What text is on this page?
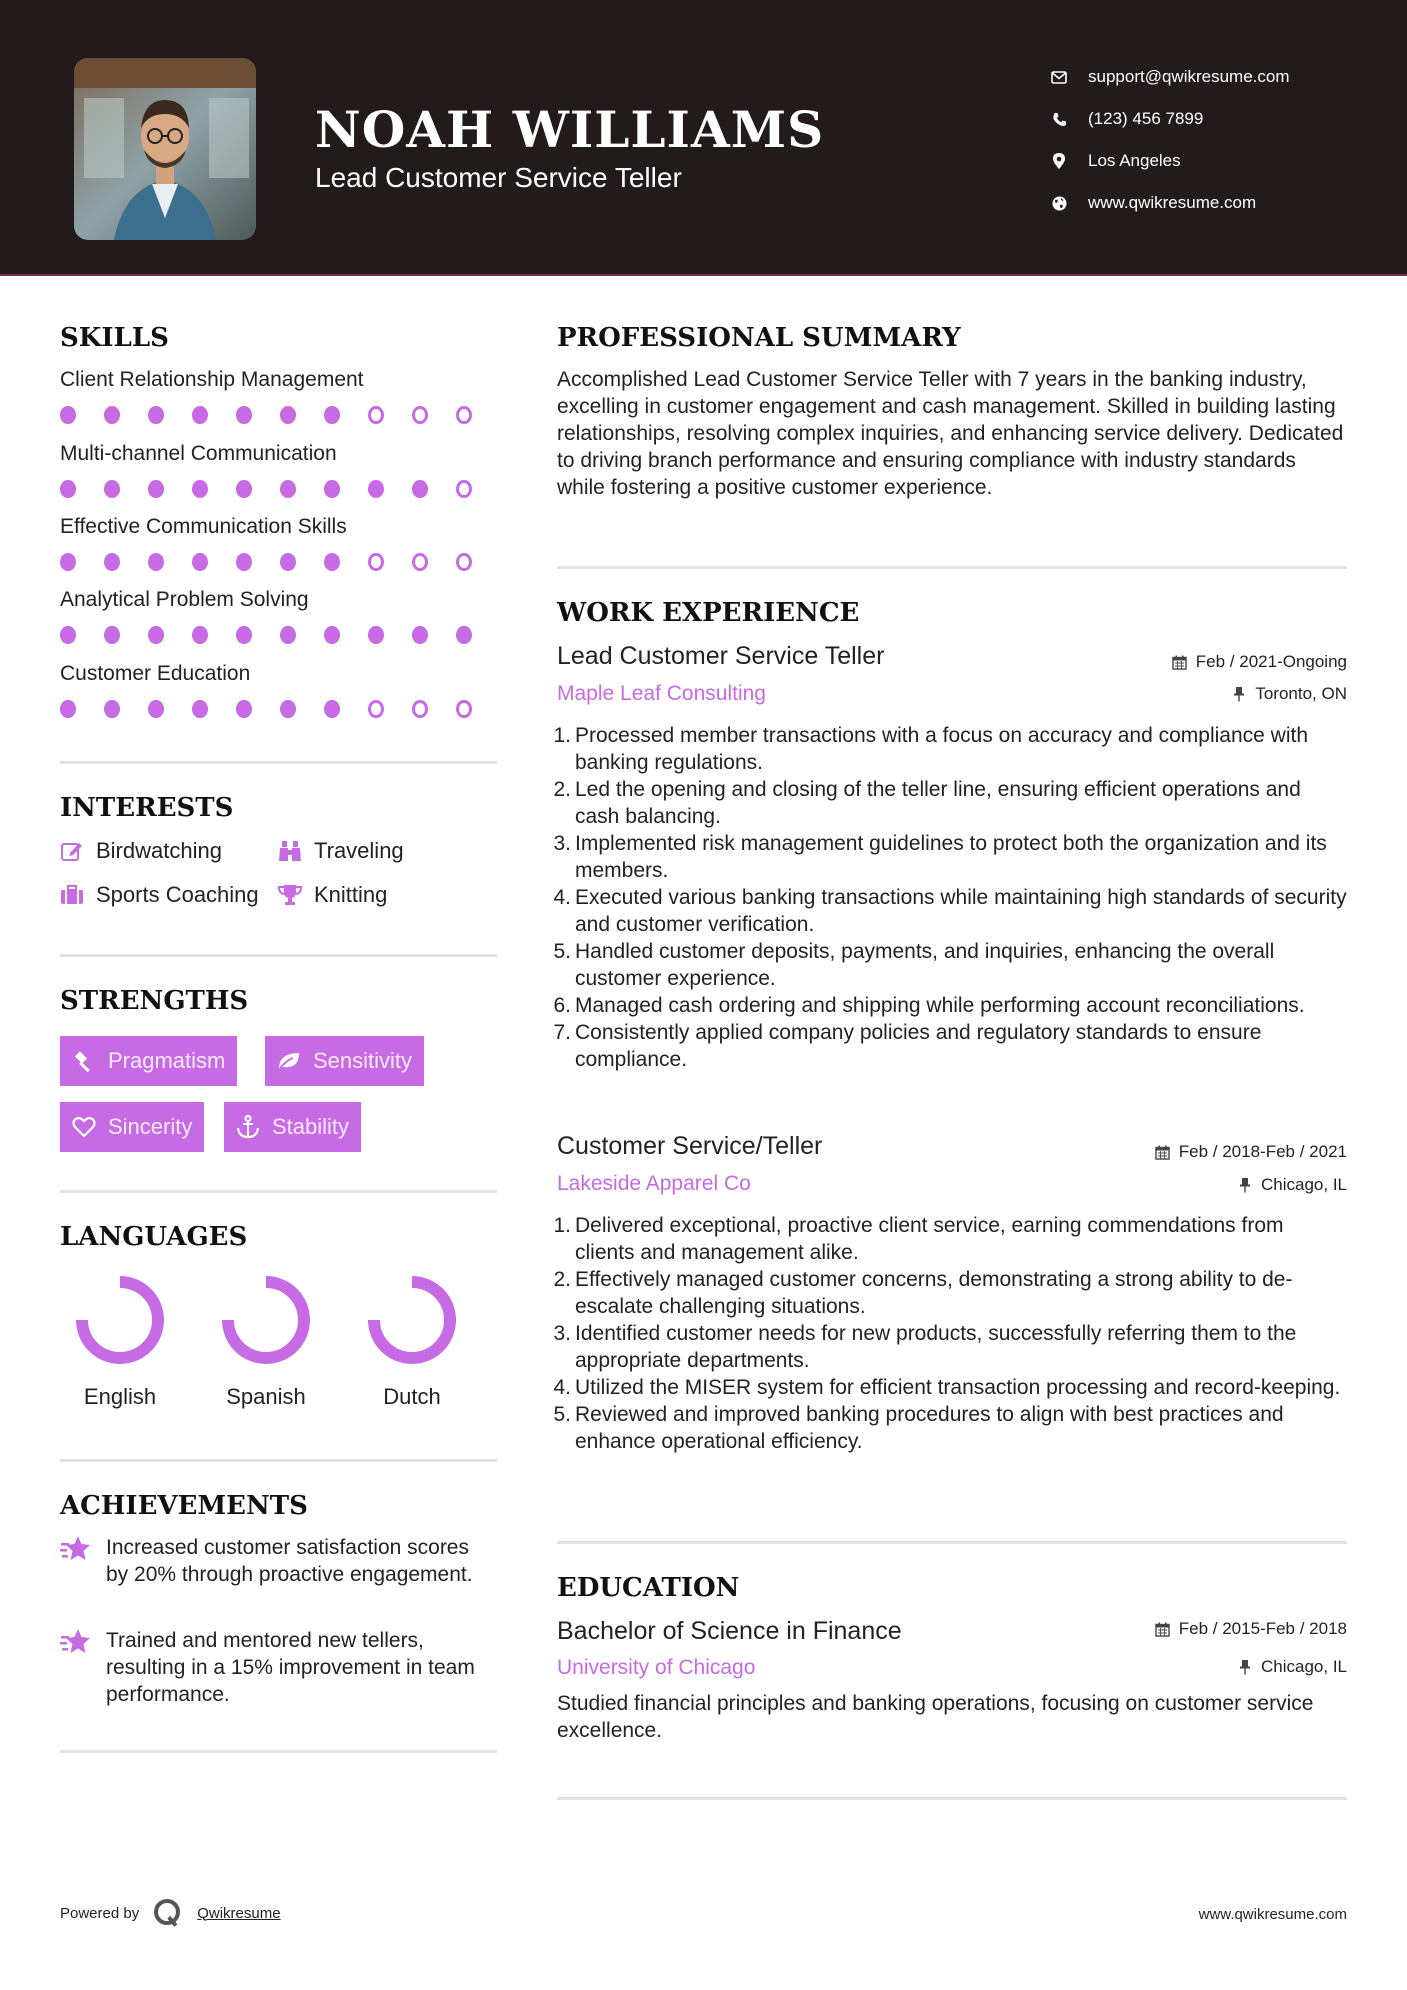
NOAH WILLIAMS
Lead Customer Service Teller
support@qwikresume.com
(123) 456 7899
Los Angeles
www.qwikresume.com
SKILLS
Client Relationship Management
Multi-channel Communication
Effective Communication Skills
Analytical Problem Solving
Customer Education
INTERESTS
Birdwatching	Traveling
Sports Coaching	Knitting
STRENGTHS
Pragmatism	Sensitivity
Sincerity	Stability
LANGUAGES
English	Spanish	Dutch
ACHIEVEMENTS
Increased customer satisfaction scores by 20% through proactive engagement.
Trained and mentored new tellers, resulting in a 15% improvement in team performance.
PROFESSIONAL SUMMARY
Accomplished Lead Customer Service Teller with 7 years in the banking industry, excelling in customer engagement and cash management. Skilled in building lasting relationships, resolving complex inquiries, and enhancing service delivery. Dedicated to driving branch performance and ensuring compliance with industry standards while fostering a positive customer experience.
WORK EXPERIENCE
Lead Customer Service Teller	Feb / 2021-Ongoing
Maple Leaf Consulting	Toronto, ON
1. Processed member transactions with a focus on accuracy and compliance with banking regulations.
2. Led the opening and closing of the teller line, ensuring efficient operations and cash balancing.
3. Implemented risk management guidelines to protect both the organization and its members.
4. Executed various banking transactions while maintaining high standards of security and customer verification.
5. Handled customer deposits, payments, and inquiries, enhancing the overall customer experience.
6. Managed cash ordering and shipping while performing account reconciliations.
7. Consistently applied company policies and regulatory standards to ensure compliance.
Customer Service/Teller	Feb / 2018-Feb / 2021
Lakeside Apparel Co	Chicago, IL
1. Delivered exceptional, proactive client service, earning commendations from clients and management alike.
2. Effectively managed customer concerns, demonstrating a strong ability to de-escalate challenging situations.
3. Identified customer needs for new products, successfully referring them to the appropriate departments.
4. Utilized the MISER system for efficient transaction processing and record-keeping.
5. Reviewed and improved banking procedures to align with best practices and enhance operational efficiency.
EDUCATION
Bachelor of Science in Finance	Feb / 2015-Feb / 2018
University of Chicago	Chicago, IL
Studied financial principles and banking operations, focusing on customer service excellence.
Powered by	Qwikresume	www.qwikresume.com
